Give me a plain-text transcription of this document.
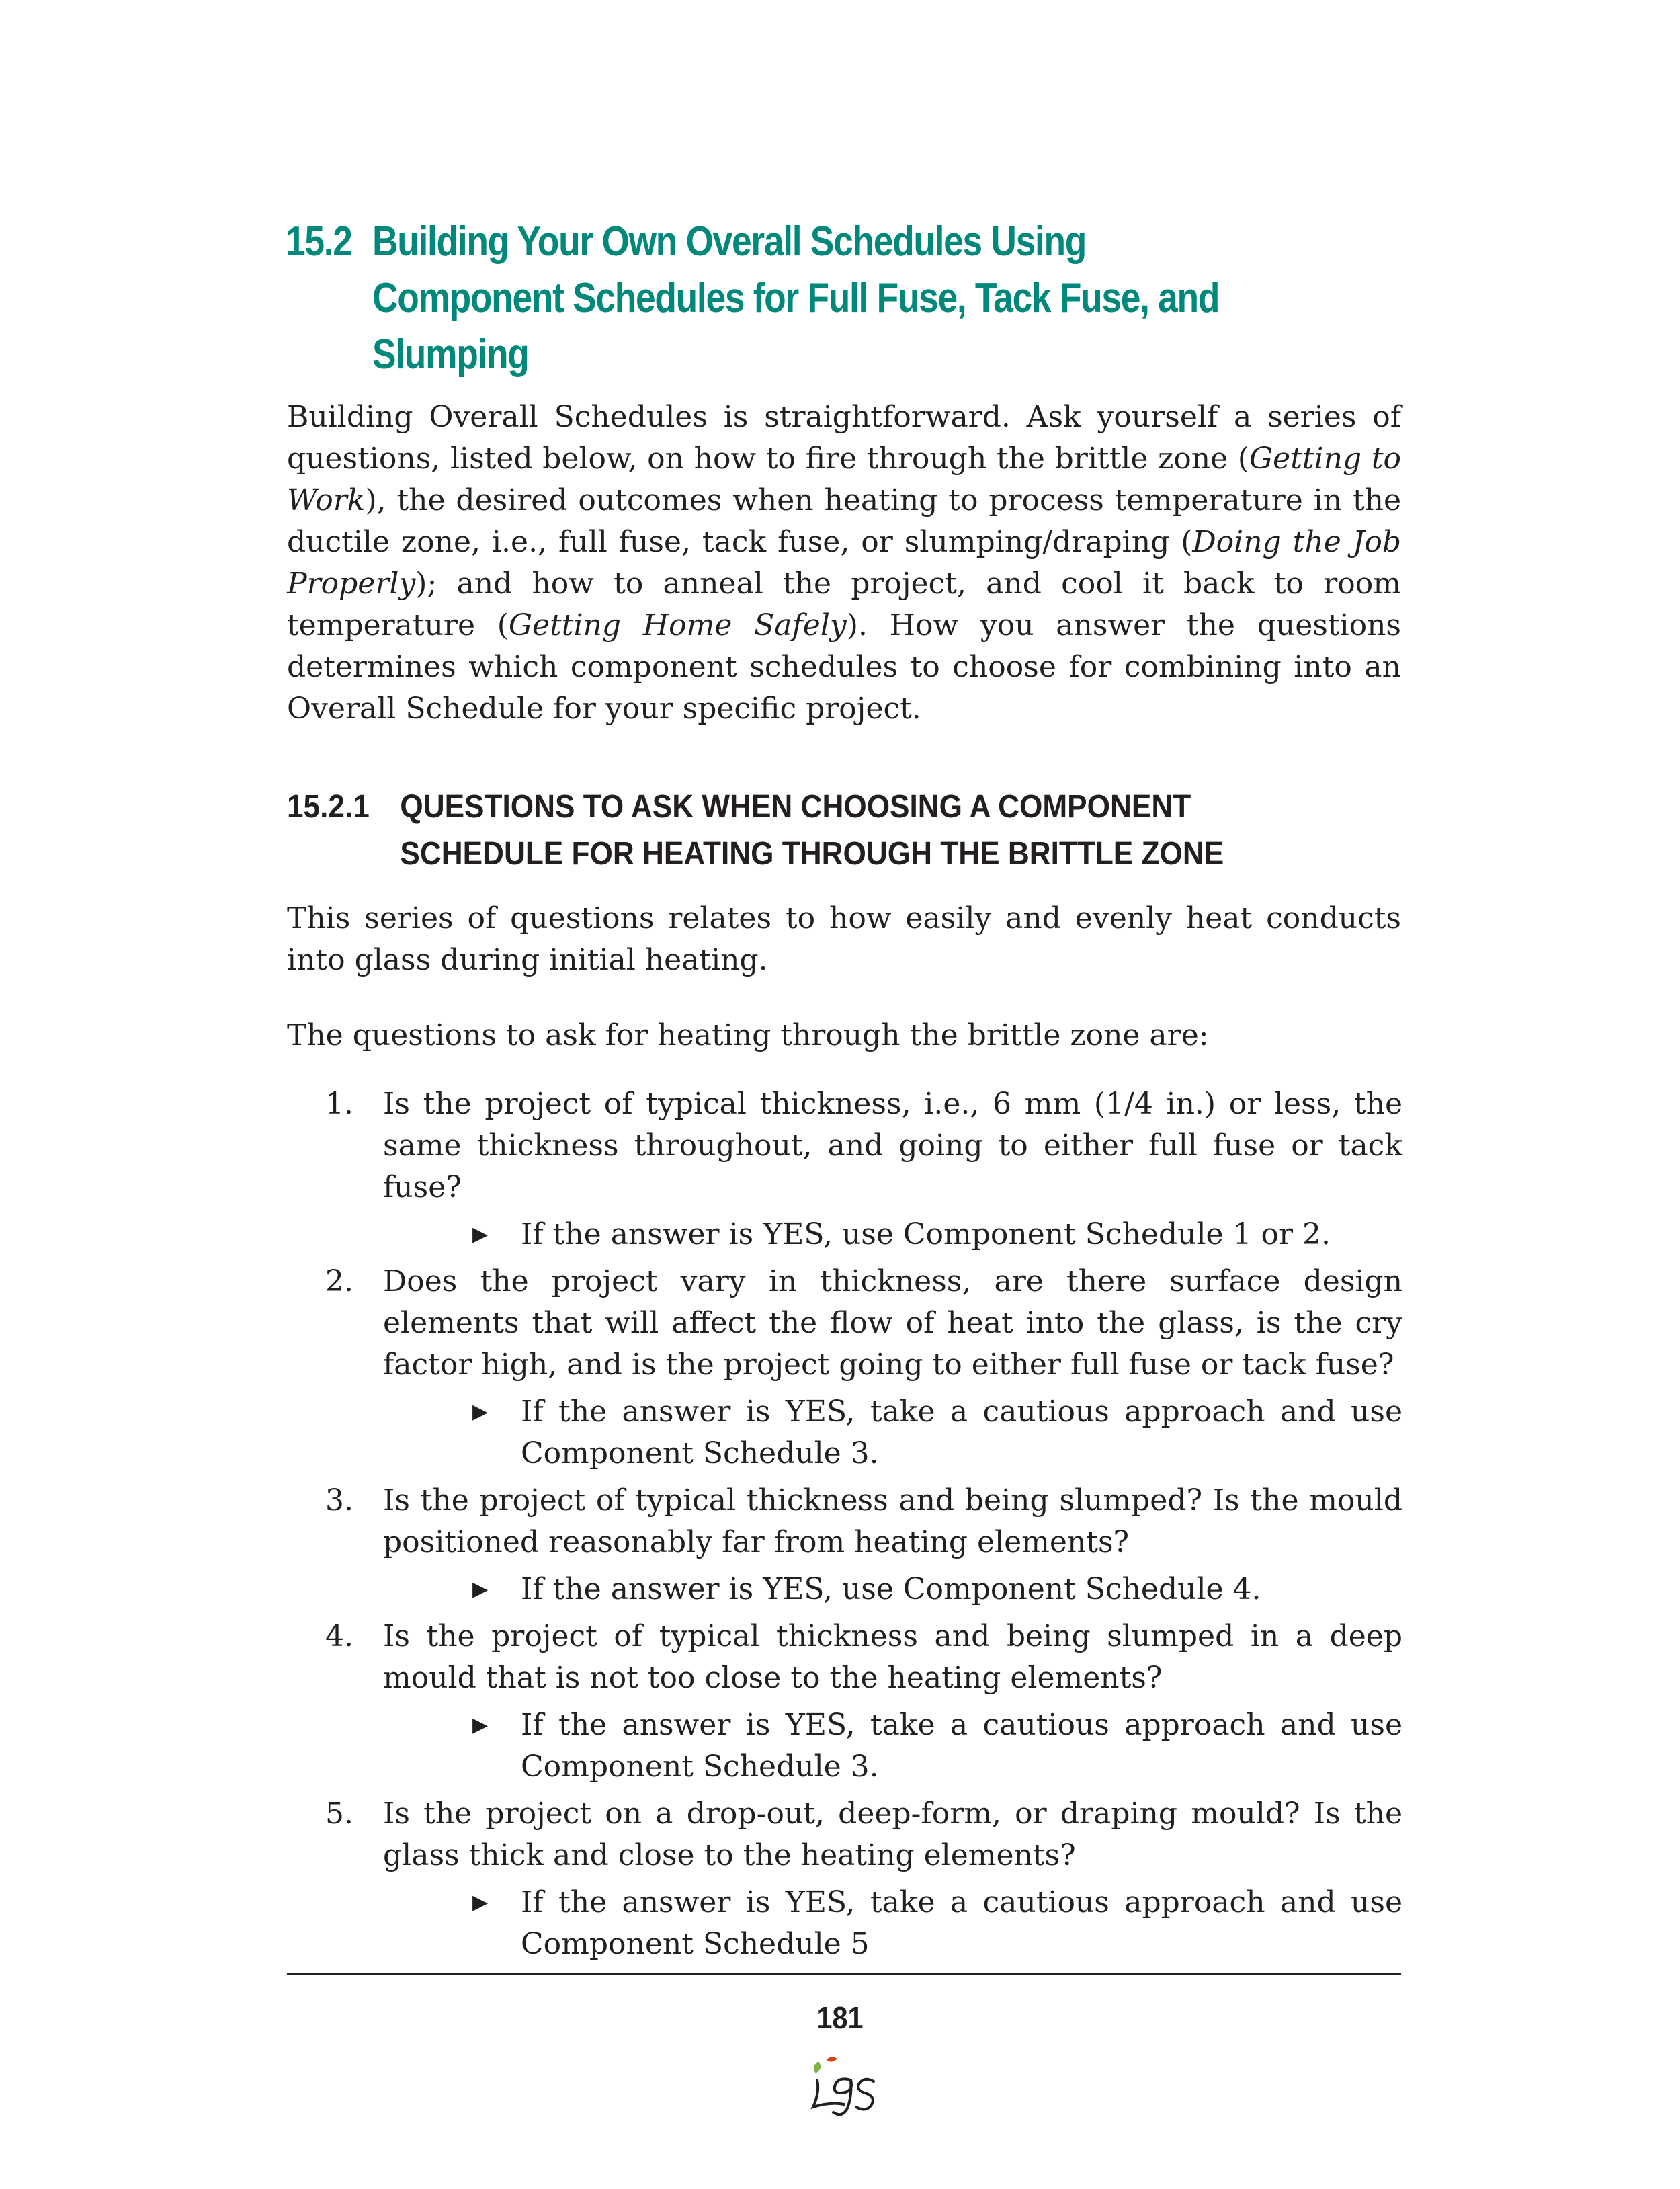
15.2 Building Your Own Overall Schedules Using Component Schedules for Full Fuse, Tack Fuse, and Slumping

Building Overall Schedules is straightforward. Ask yourself a series of questions, listed below, on how to fire through the brittle zone (Getting to Work), the desired outcomes when heating to process temperature in the ductile zone, i.e., full fuse, tack fuse, or slumping/draping (Doing the Job Properly); and how to anneal the project, and cool it back to room temperature (Getting Home Safely). How you answer the questions determines which component schedules to choose for combining into an Overall Schedule for your specific project.

15.2.1 QUESTIONS TO ASK WHEN CHOOSING A COMPONENT SCHEDULE FOR HEATING THROUGH THE BRITTLE ZONE

This series of questions relates to how easily and evenly heat conducts into glass during initial heating.

The questions to ask for heating through the brittle zone are:

1. Is the project of typical thickness, i.e., 6 mm (1/4 in.) or less, the same thickness throughout, and going to either full fuse or tack fuse?
▶ If the answer is YES, use Component Schedule 1 or 2.
2. Does the project vary in thickness, are there surface design elements that will affect the flow of heat into the glass, is the cry factor high, and is the project going to either full fuse or tack fuse?
▶ If the answer is YES, take a cautious approach and use Component Schedule 3.
3. Is the project of typical thickness and being slumped? Is the mould positioned reasonably far from heating elements?
▶ If the answer is YES, use Component Schedule 4.
4. Is the project of typical thickness and being slumped in a deep mould that is not too close to the heating elements?
▶ If the answer is YES, take a cautious approach and use Component Schedule 3.
5. Is the project on a drop-out, deep-form, or draping mould? Is the glass thick and close to the heating elements?
▶ If the answer is YES, take a cautious approach and use Component Schedule 5
181
